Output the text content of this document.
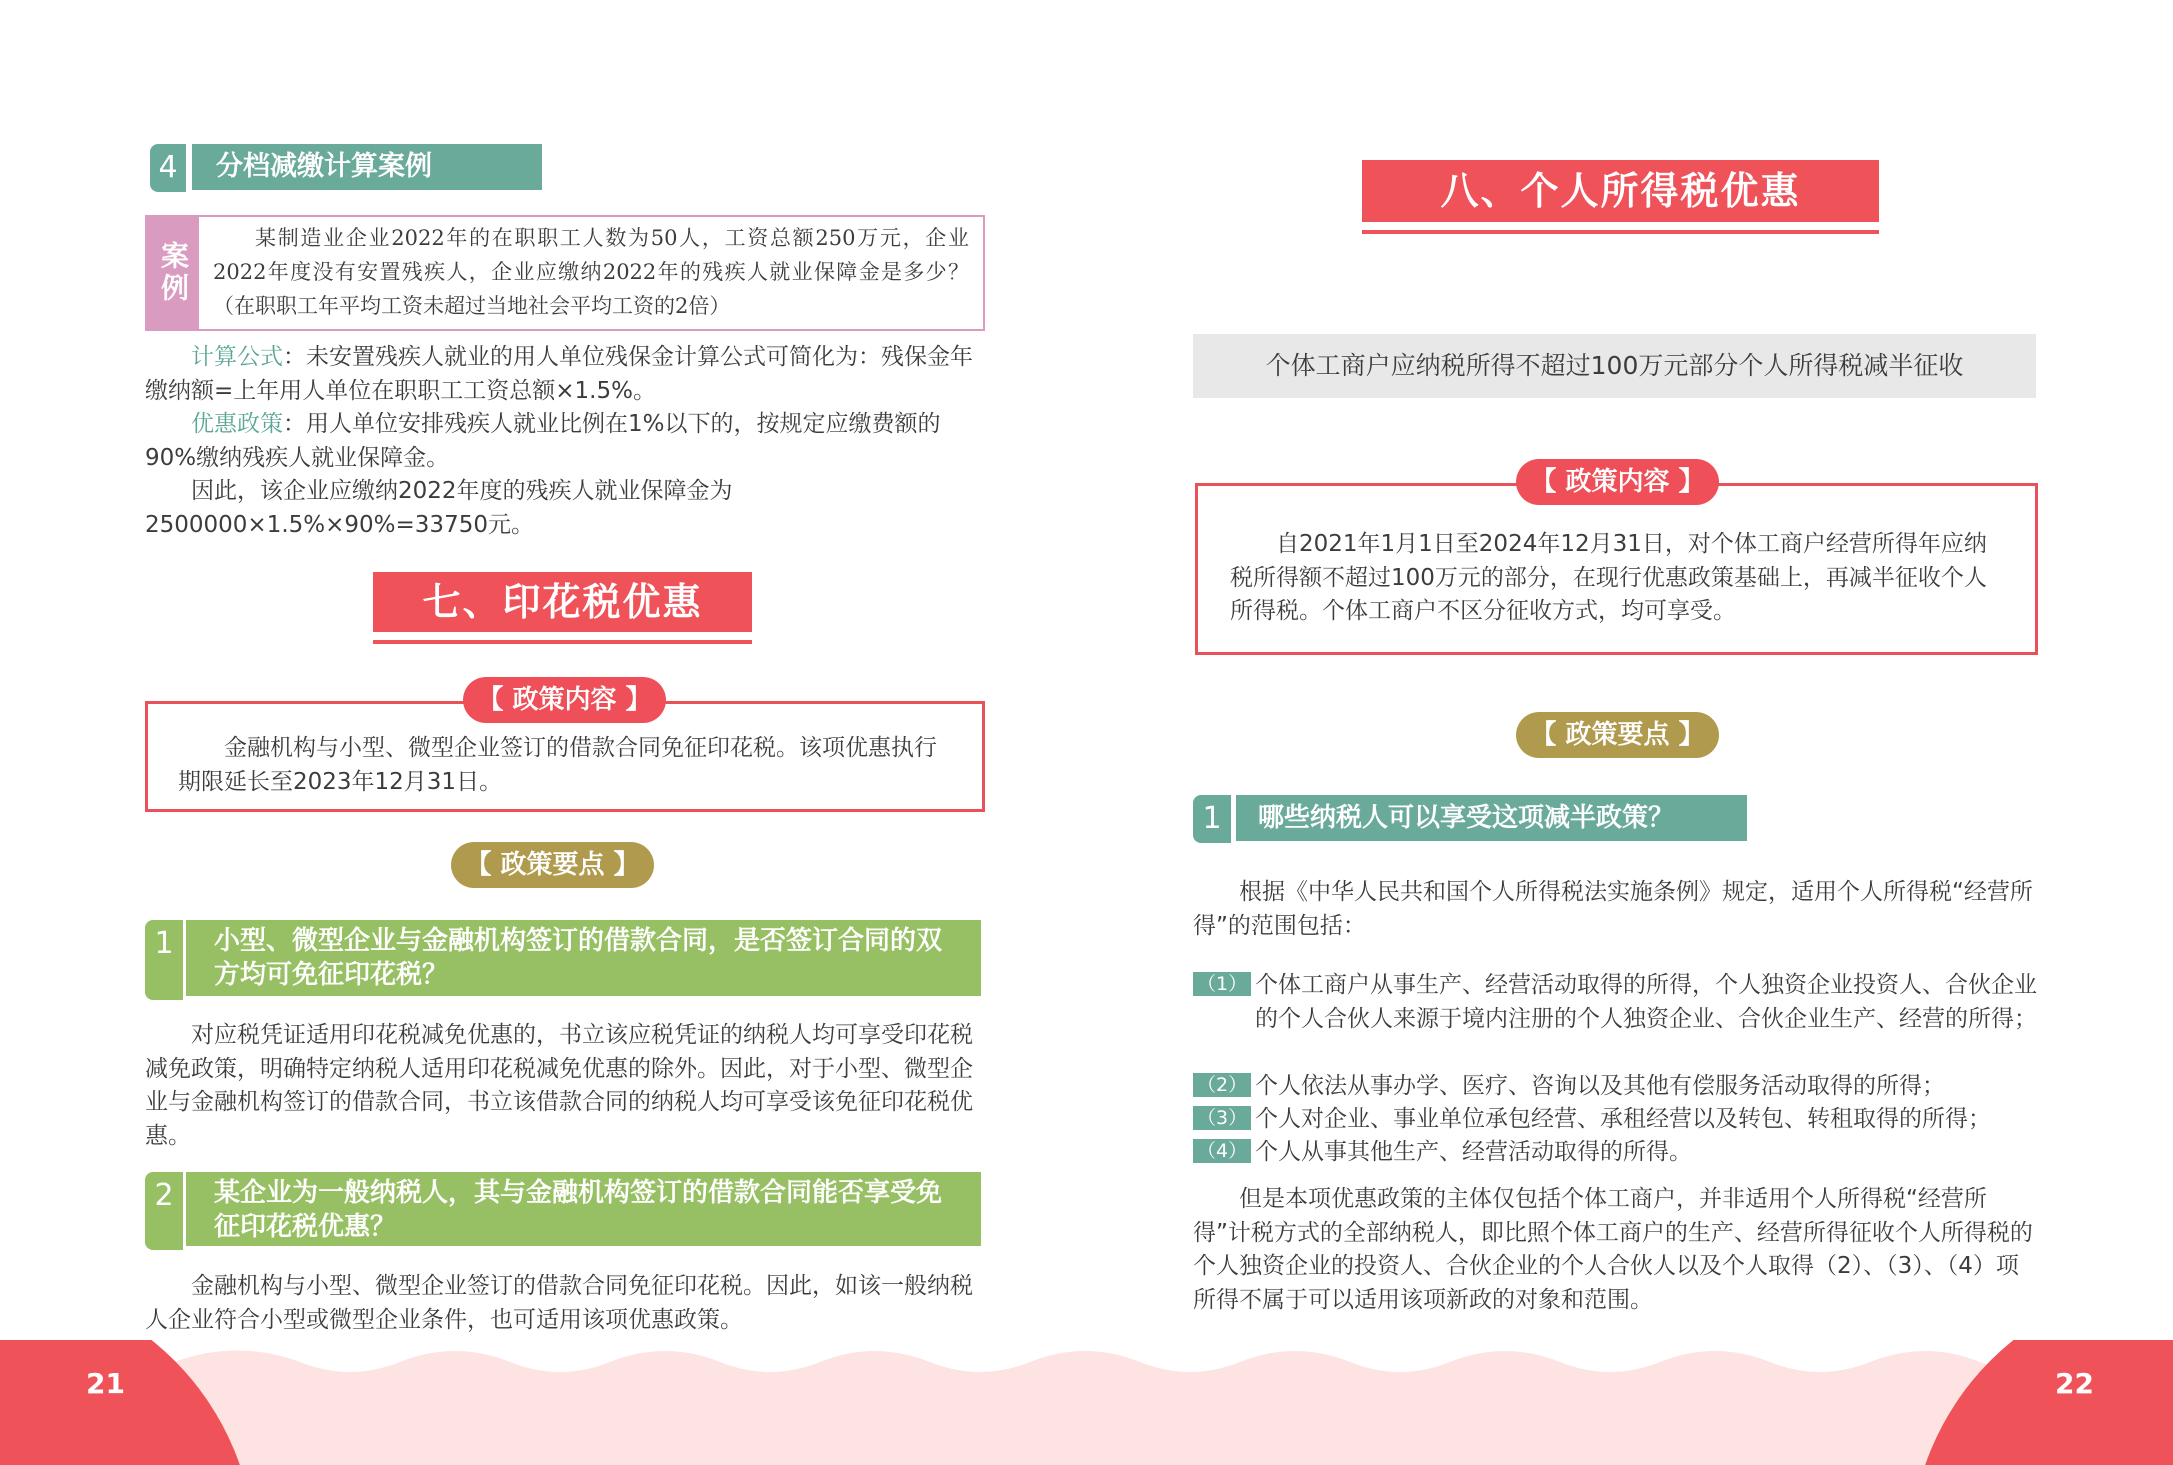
4	分档减缴计算案例
案例

某制造业企业2022年的在职职工人数为50人，工资总额250万元，企业2022年度没有安置残疾人，企业应缴纳2022年的残疾人就业保障金是多少？（在职职工年平均工资未超过当地社会平均工资的2倍）

计算公式：未安置残疾人就业的用人单位残保金计算公式可简化为：残保金年缴纳额=上年用人单位在职职工工资总额×1.5%。

优惠政策：用人单位安排残疾人就业比例在1%以下的，按规定应缴费额的90%缴纳残疾人就业保障金。

因此，该企业应缴纳2022年度的残疾人就业保障金为2500000×1.5%×90%=33750元。

七、印花税优惠

金融机构与小型、微型企业签订的借款合同免征印花税。该项优惠执行期限延长至2023年12月31日。

【 政策内容 】
【 政策要点 】
1	小型、微型企业与金融机构签订的借款合同，是否签订合同的双方均可免征印花税？

对应税凭证适用印花税减免优惠的，书立该应税凭证的纳税人均可享受印花税减免政策，明确特定纳税人适用印花税减免优惠的除外。因此，对于小型、微型企业与金融机构签订的借款合同，书立该借款合同的纳税人均可享受该免征印花税优惠。

2	某企业为一般纳税人，其与金融机构签订的借款合同能否享受免征印花税优惠？

金融机构与小型、微型企业签订的借款合同免征印花税。因此，如该一般纳税人企业符合小型或微型企业条件，也可适用该项优惠政策。

八、个人所得税优惠
个体工商户应纳税所得不超过100万元部分个人所得税减半征收

自2021年1月1日至2024年12月31日，对个体工商户经营所得年应纳税所得额不超过100万元的部分，在现行优惠政策基础上，再减半征收个人所得税。个体工商户不区分征收方式，均可享受。

【 政策内容 】
【 政策要点 】
1	哪些纳税人可以享受这项减半政策？

根据《中华人民共和国个人所得税法实施条例》规定，适用个人所得税“经营所得”的范围包括：

（1） 个体工商户从事生产、经营活动取得的所得，个人独资企业投资人、合伙企业的个人合伙人来源于境内注册的个人独资企业、合伙企业生产、经营的所得；
（2） 个人依法从事办学、医疗、咨询以及其他有偿服务活动取得的所得；
（3） 个人对企业、事业单位承包经营、承租经营以及转包、转租取得的所得；
（4） 个人从事其他生产、经营活动取得的所得。

但是本项优惠政策的主体仅包括个体工商户，并非适用个人所得税“经营所得”计税方式的全部纳税人，即比照个体工商户的生产、经营所得征收个人所得税的个人独资企业的投资人、合伙企业的个人合伙人以及个人取得（2）、（3）、（4）项所得不属于可以适用该项新政的对象和范围。

21	22
